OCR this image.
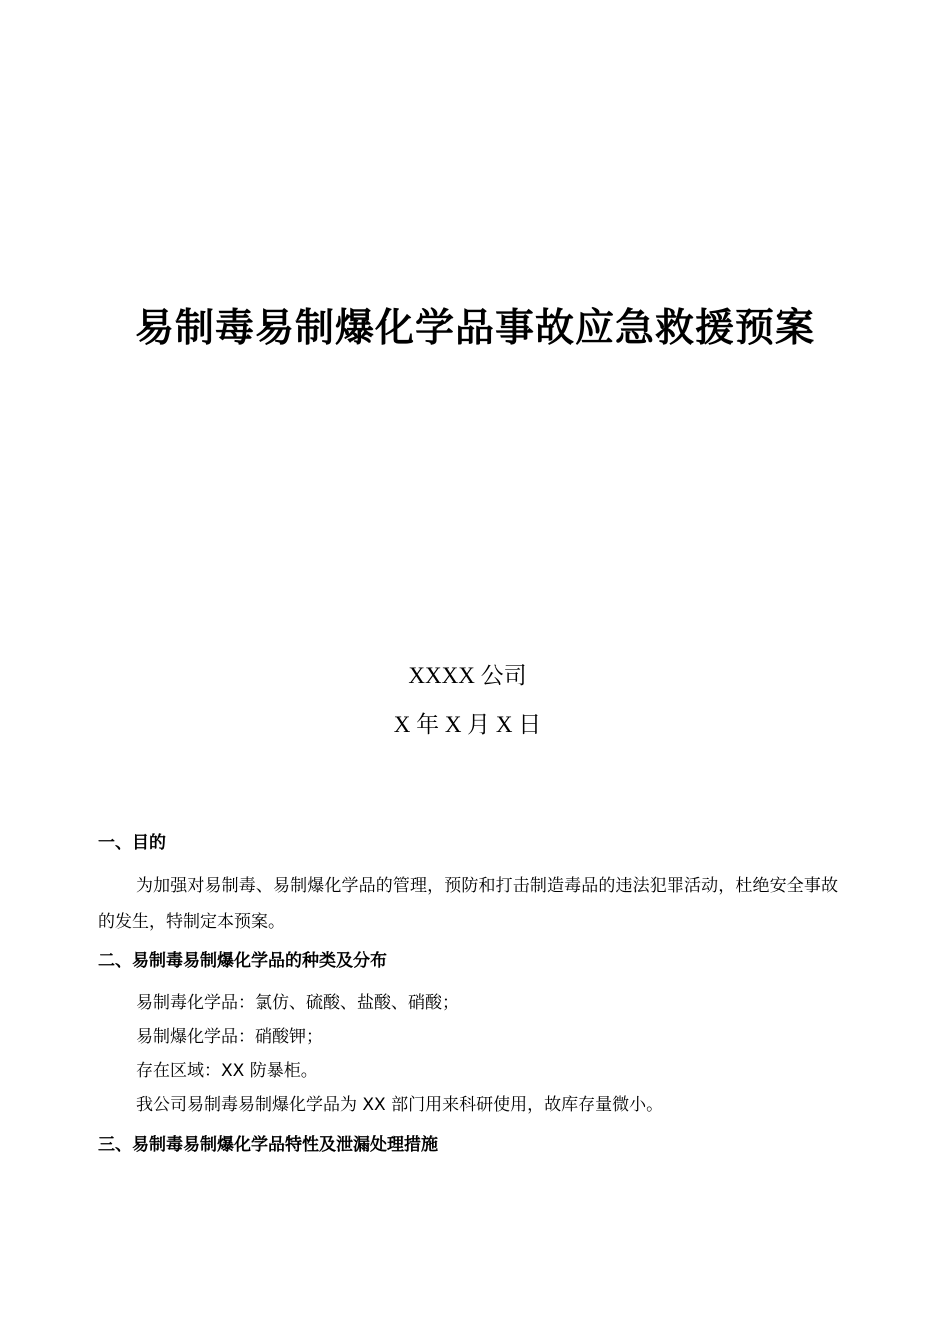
易制毒易制爆化学品事故应急救援预案
XXXX 公司
X 年 X 月 X 日
一、目的

为加强对易制毒、易制爆化学品的管理，预防和打击制造毒品的违法犯罪活动，杜绝安全事故的发生，特制定本预案。

二、易制毒易制爆化学品的种类及分布
易制毒化学品：氯仿、硫酸、盐酸、硝酸；
易制爆化学品：硝酸钾；
存在区域：XX 防暴柜。
我公司易制毒易制爆化学品为 XX 部门用来科研使用，故库存量微小。
三、易制毒易制爆化学品特性及泄漏处理措施
